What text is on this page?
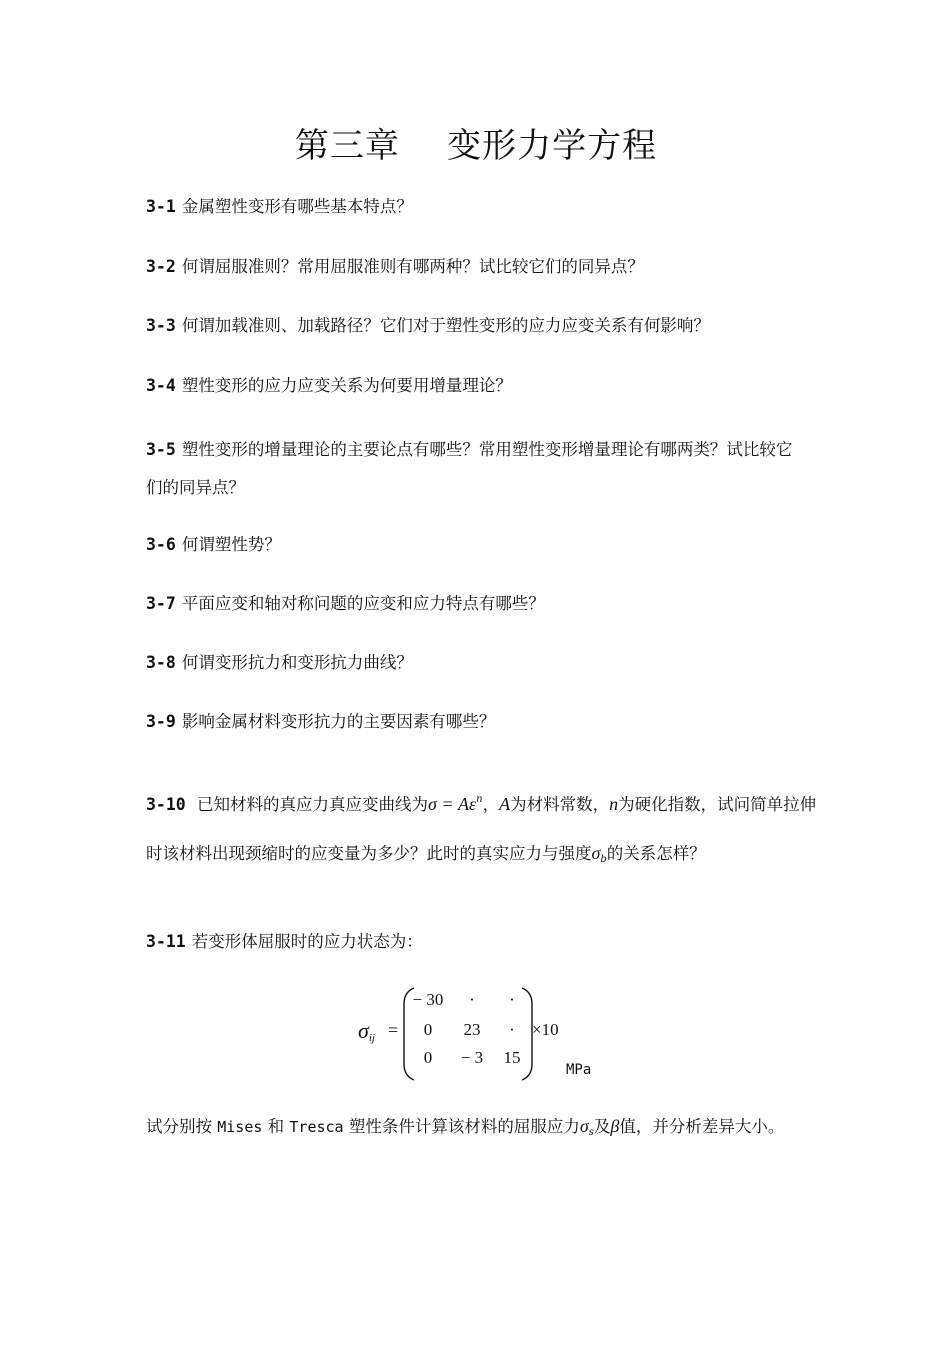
第三章    变形力学方程
3-1 金属塑性变形有哪些基本特点？
3-2 何谓屈服准则？常用屈服准则有哪两种？试比较它们的同异点？
3-3 何谓加载准则、加载路径？它们对于塑性变形的应力应变关系有何影响？
3-4 塑性变形的应力应变关系为何要用增量理论？
3-5 塑性变形的增量理论的主要论点有哪些？常用塑性变形增量理论有哪两类？试比较它们的同异点？
3-6 何谓塑性势？
3-7 平面应变和轴对称问题的应变和应力特点有哪些？
3-8 何谓变形抗力和变形抗力曲线？
3-9 影响金属材料变形抗力的主要因素有哪些？
3-10 已知材料的真应力真应变曲线为$\sigma = A\varepsilon^n$，A为材料常数，n为硬化指数，试问简单拉伸时该材料出现颈缩时的应变量为多少？此时的真实应力与强度$\sigma_b$的关系怎样？
3-11 若变形体屈服时的应力状态为：
$\sigma_{ij}$ =
− 30	·	·
0	23	·
0	− 3	15
×10
MPa
试分别按 Mises 和 Tresca 塑性条件计算该材料的屈服应力$\sigma_s$及β值，并分析差异大小。
